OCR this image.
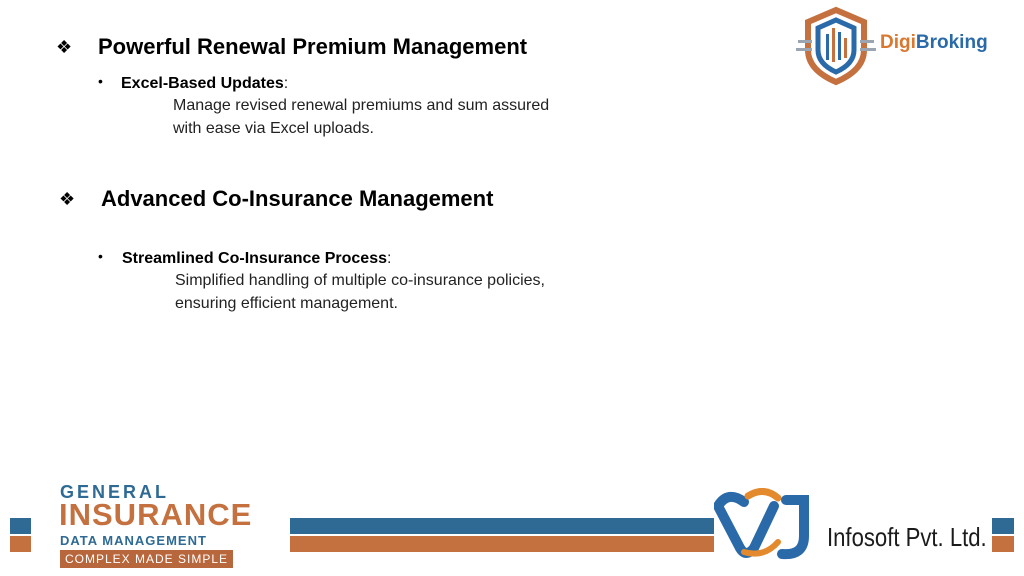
❖ Powerful Renewal Premium Management
• Excel-Based Updates:
Manage revised renewal premiums and sum assured
with ease via Excel uploads.
❖ Advanced Co-Insurance Management
• Streamlined Co-Insurance Process:
Simplified handling of multiple co-insurance policies,
ensuring efficient management.
DigiBroking
GENERAL
INSURANCE
DATA MANAGEMENT
COMPLEX MADE SIMPLE
Infosoft Pvt. Ltd.
